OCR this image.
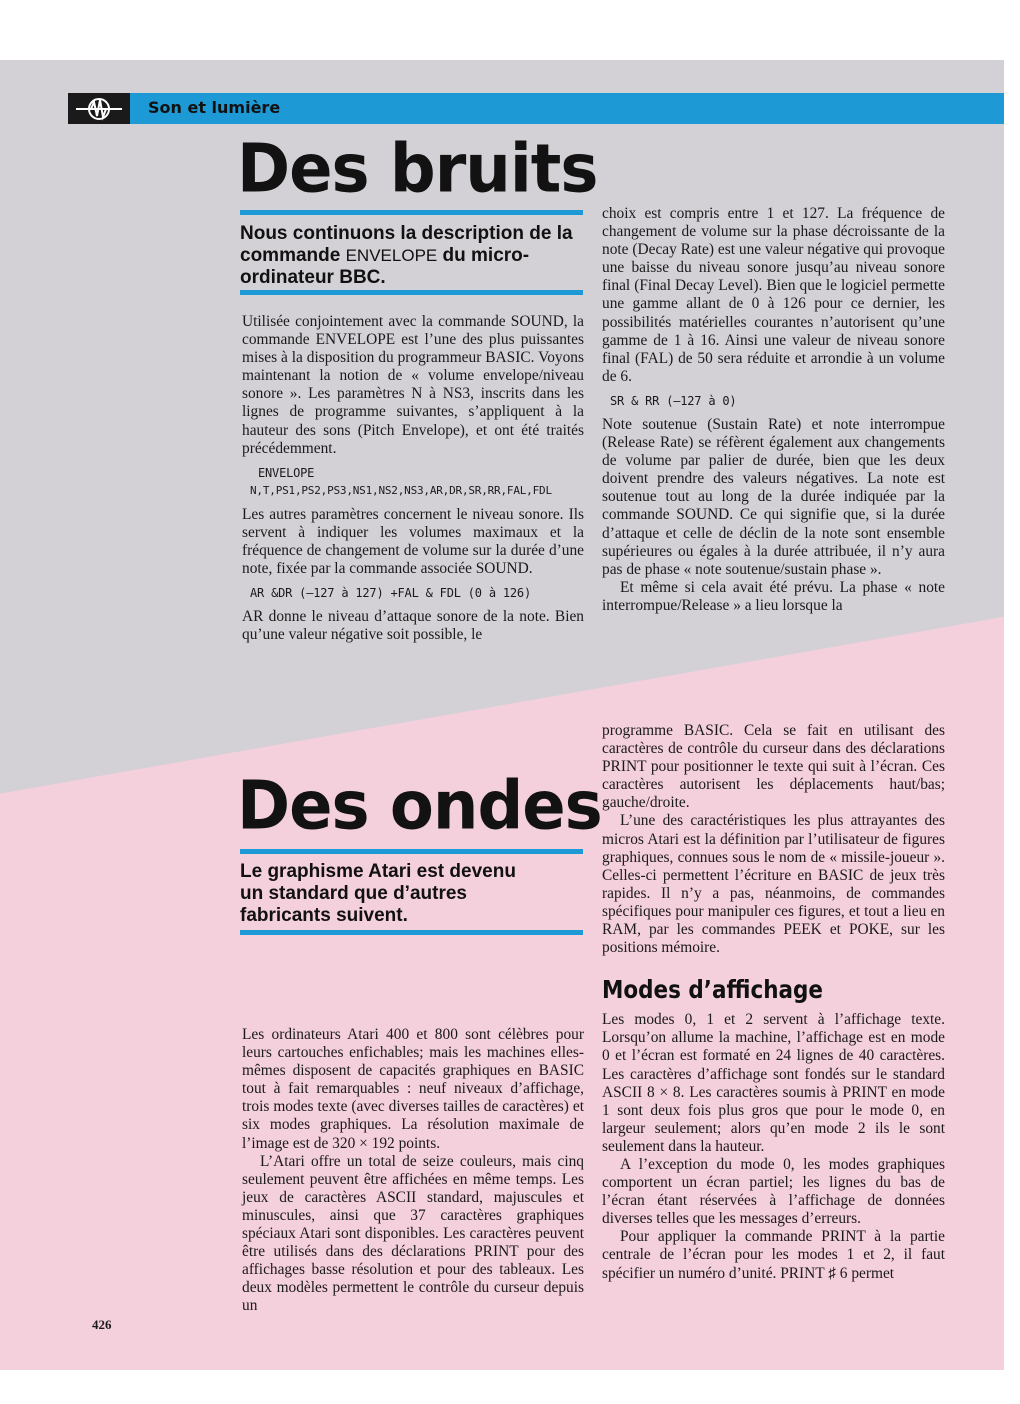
Son et lumière
Des bruits
Nous continuons la description de la commande ENVELOPE du micro-ordinateur BBC.

Utilisée conjointement avec la commande SOUND, la commande ENVELOPE est l’une des plus puissantes mises à la disposition du programmeur BASIC. Voyons maintenant la notion de « volume envelope/niveau sonore ». Les paramètres N à NS3, inscrits dans les lignes de programme suivantes, s’appliquent à la hauteur des sons (Pitch Envelope), et ont été traités précédemment.

ENVELOPE
N,T,PS1,PS2,PS3,NS1,NS2,NS3,AR,DR,SR,RR,FAL,FDL

Les autres paramètres concernent le niveau sonore. Ils servent à indiquer les volumes maximaux et la fréquence de changement de volume sur la durée d’une note, fixée par la commande associée SOUND.

AR &DR (–127 à 127) +FAL & FDL (0 à 126)

AR donne le niveau d’attaque sonore de la note. Bien qu’une valeur négative soit possible, le

choix est compris entre 1 et 127. La fréquence de changement de volume sur la phase décroissante de la note (Decay Rate) est une valeur négative qui provoque une baisse du niveau sonore jusqu’au niveau sonore final (Final Decay Level). Bien que le logiciel permette une gamme allant de 0 à 126 pour ce dernier, les possibilités matérielles courantes n’autorisent qu’une gamme de 1 à 16. Ainsi une valeur de niveau sonore final (FAL) de 50 sera réduite et arrondie à un volume de 6.

SR & RR (–127 à 0)

Note soutenue (Sustain Rate) et note interrompue (Release Rate) se réfèrent également aux changements de volume par palier de durée, bien que les deux doivent prendre des valeurs négatives. La note est soutenue tout au long de la durée indiquée par la commande SOUND. Ce qui signifie que, si la durée d’attaque et celle de déclin de la note sont ensemble supérieures ou égales à la durée attribuée, il n’y aura pas de phase « note soutenue/sustain phase ».

Et même si cela avait été prévu. La phase « note interrompue/Release » a lieu lorsque la

Des ondes
Le graphisme Atari est devenu un standard que d’autres fabricants suivent.

Les ordinateurs Atari 400 et 800 sont célèbres pour leurs cartouches enfichables; mais les machines elles-mêmes disposent de capacités graphiques en BASIC tout à fait remarquables : neuf niveaux d’affichage, trois modes texte (avec diverses tailles de caractères) et six modes graphiques. La résolution maximale de l’image est de 320 × 192 points.

L’Atari offre un total de seize couleurs, mais cinq seulement peuvent être affichées en même temps. Les jeux de caractères ASCII standard, majuscules et minuscules, ainsi que 37 caractères graphiques spéciaux Atari sont disponibles. Les caractères peuvent être utilisés dans des déclarations PRINT pour des affichages basse résolution et pour des tableaux. Les deux modèles permettent le contrôle du curseur depuis un

programme BASIC. Cela se fait en utilisant des caractères de contrôle du curseur dans des déclarations PRINT pour positionner le texte qui suit à l’écran. Ces caractères autorisent les déplacements haut/bas; gauche/droite.

L’une des caractéristiques les plus attrayantes des micros Atari est la définition par l’utilisateur de figures graphiques, connues sous le nom de « missile-joueur ». Celles-ci permettent l’écriture en BASIC de jeux très rapides. Il n’y a pas, néanmoins, de commandes spécifiques pour manipuler ces figures, et tout a lieu en RAM, par les commandes PEEK et POKE, sur les positions mémoire.

Modes d’affichage

Les modes 0, 1 et 2 servent à l’affichage texte. Lorsqu’on allume la machine, l’affichage est en mode 0 et l’écran est formaté en 24 lignes de 40 caractères. Les caractères d’affichage sont fondés sur le standard ASCII 8 × 8. Les caractères soumis à PRINT en mode 1 sont deux fois plus gros que pour le mode 0, en largeur seulement; alors qu’en mode 2 ils le sont seulement dans la hauteur.

A l’exception du mode 0, les modes graphiques comportent un écran partiel; les lignes du bas de l’écran étant réservées à l’affichage de données diverses telles que les messages d’erreurs.

Pour appliquer la commande PRINT à la partie centrale de l’écran pour les modes 1 et 2, il faut spécifier un numéro d’unité. PRINT ♯ 6 permet

426
